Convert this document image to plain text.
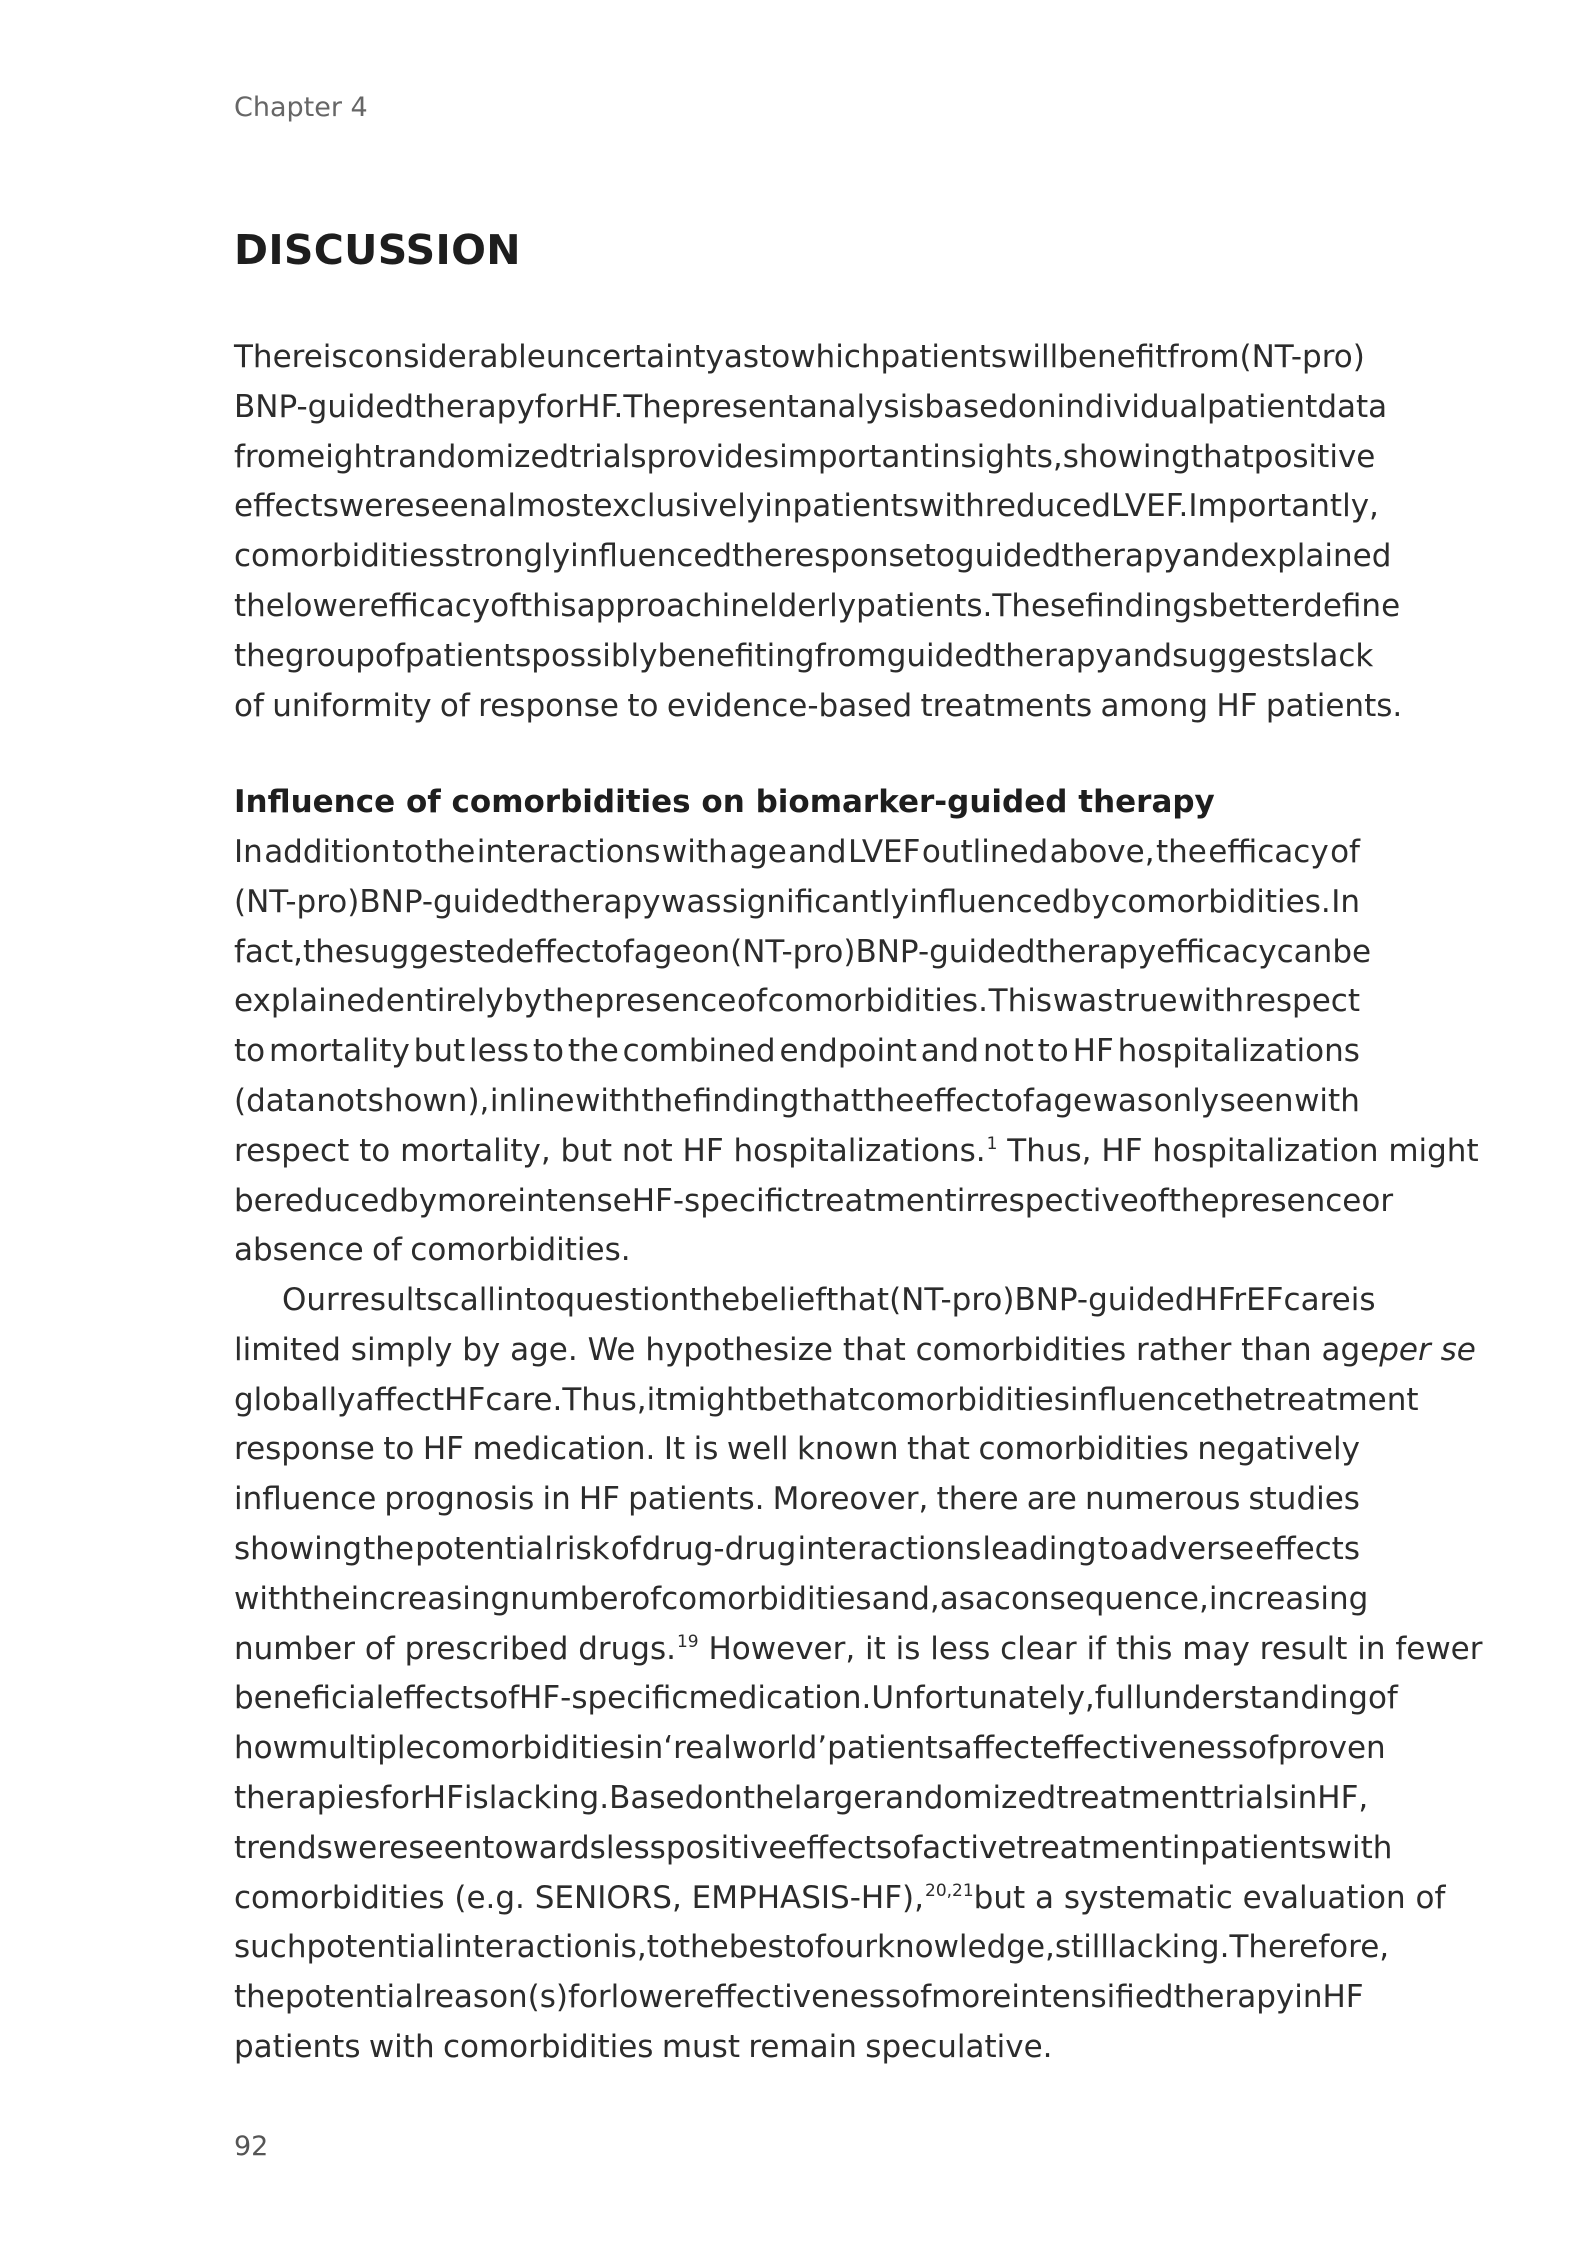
Chapter 4
DISCUSSION
There is considerable uncertainty as to which patients will benefit from (NT-pro)
BNP-guided therapy for HF. The present analysis based on individual patient data
from eight randomized trials provides important insights, showing that positive
effects were seen almost exclusively in patients with reduced LVEF. Importantly,
comorbidities strongly influenced the response to guided therapy and explained
the lower efficacy of this approach in elderly patients. These findings better define
the group of patients possibly benefiting from guided therapy and suggests lack
of uniformity of response to evidence-based treatments among HF patients.
Influence of comorbidities on biomarker-guided therapy
In addition to the interactions with age and LVEF outlined above, the efficacy of
(NT-pro)BNP-guided therapy was significantly influenced by comorbidities. In
fact, the suggested effect of age on (NT-pro)BNP-guided therapy efficacy can be
explained entirely by the presence of comorbidities. This was true with respect
to mortality but less to the combined endpoint and not to HF hospitalizations
(data not shown), in line with the finding that the effect of age was only seen with
respect to mortality, but not HF hospitalizations. $^1$ Thus, HF hospitalization might
be reduced by more intense HF-specific treatment irrespective of the presence or
absence of comorbidities.
Our results call into question the belief that (NT-pro)BNP-guided HFrEF care is
limited simply by age. We hypothesize that comorbidities rather than age per se
globally affect HF care. Thus, it might be that comorbidities influence the treatment
response to HF medication. It is well known that comorbidities negatively
influence prognosis in HF patients. Moreover, there are numerous studies
showing the potential risk of drug-drug interactions leading to adverse effects
with the increasing number of comorbidities and, as a consequence, increasing
number of prescribed drugs. $^{19}$ However, it is less clear if this may result in fewer
beneficial effects of HF-specific medication. Unfortunately, full understanding of
how multiple comorbidities in‘real world’ patients affect effectiveness of proven
therapies for HF is lacking. Based on the large randomized treatment trials in HF,
trends were seen towards less positive effects of active treatment in patients with
comorbidities (e.g. SENIORS, EMPHASIS-HF),$^{20,21}$ but a systematic evaluation of
such potential interaction is, to the best of our knowledge, still lacking. Therefore,
the potential reason(s) for lower effectiveness of more intensified therapy in HF
patients with comorbidities must remain speculative.
92
